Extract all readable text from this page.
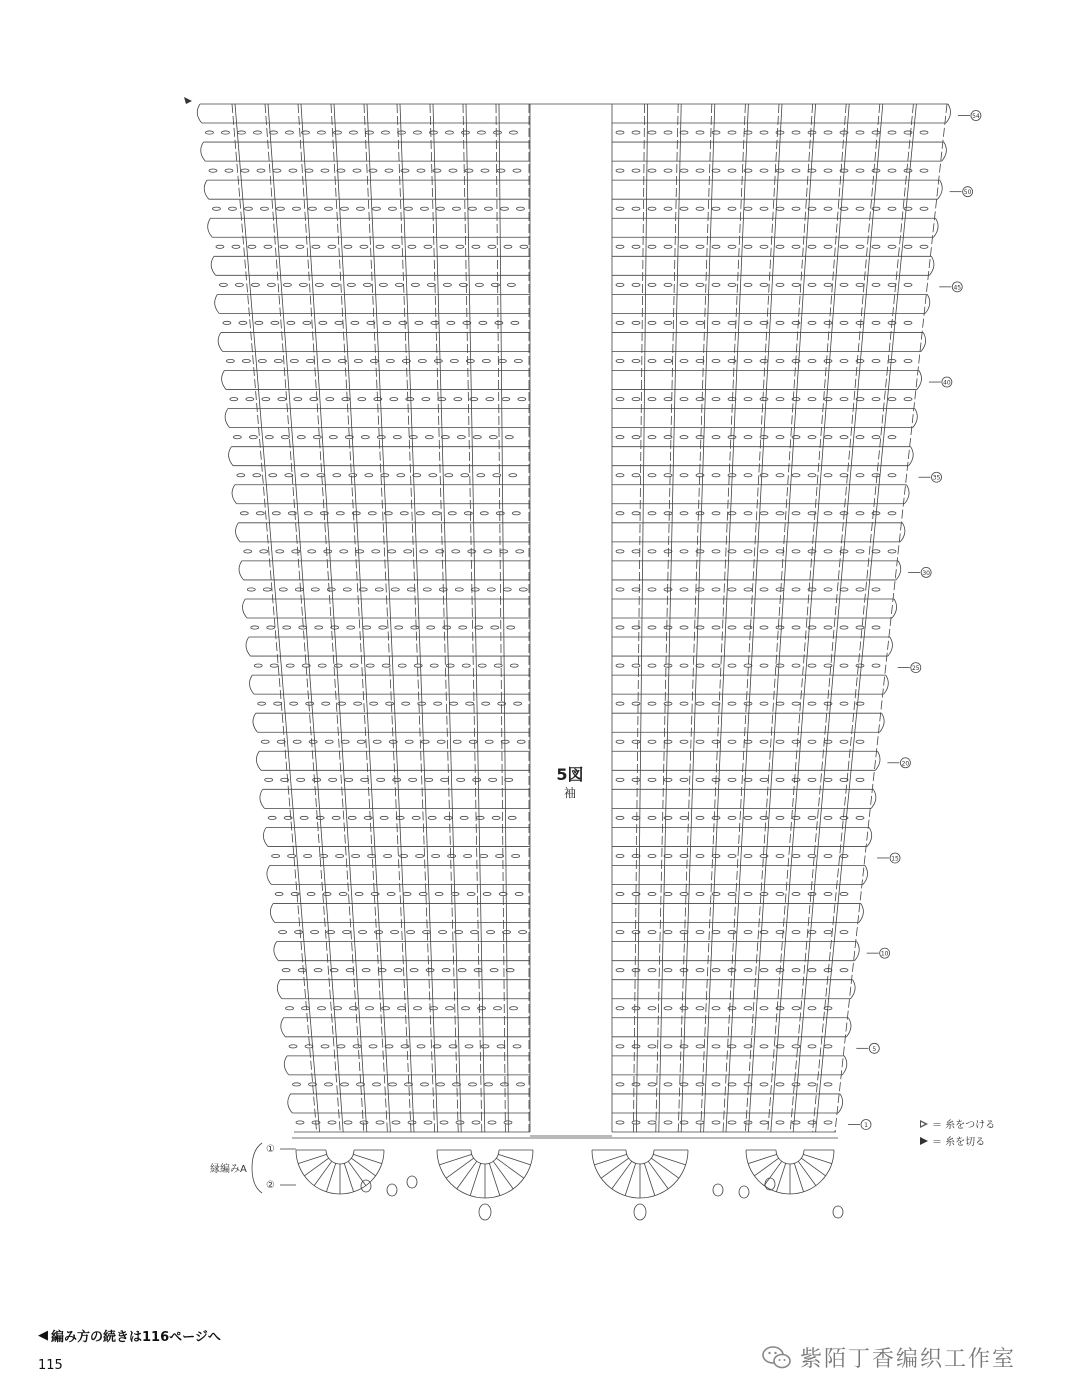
54
50
45
40
35
30
25
20
15
10
5
1
①
②
5図
袖
＝ 糸をつける
＝ 糸を切る
縁編みA
◀ 編み方の続きは116ページへ
115	紫陌丁香编织工作室
